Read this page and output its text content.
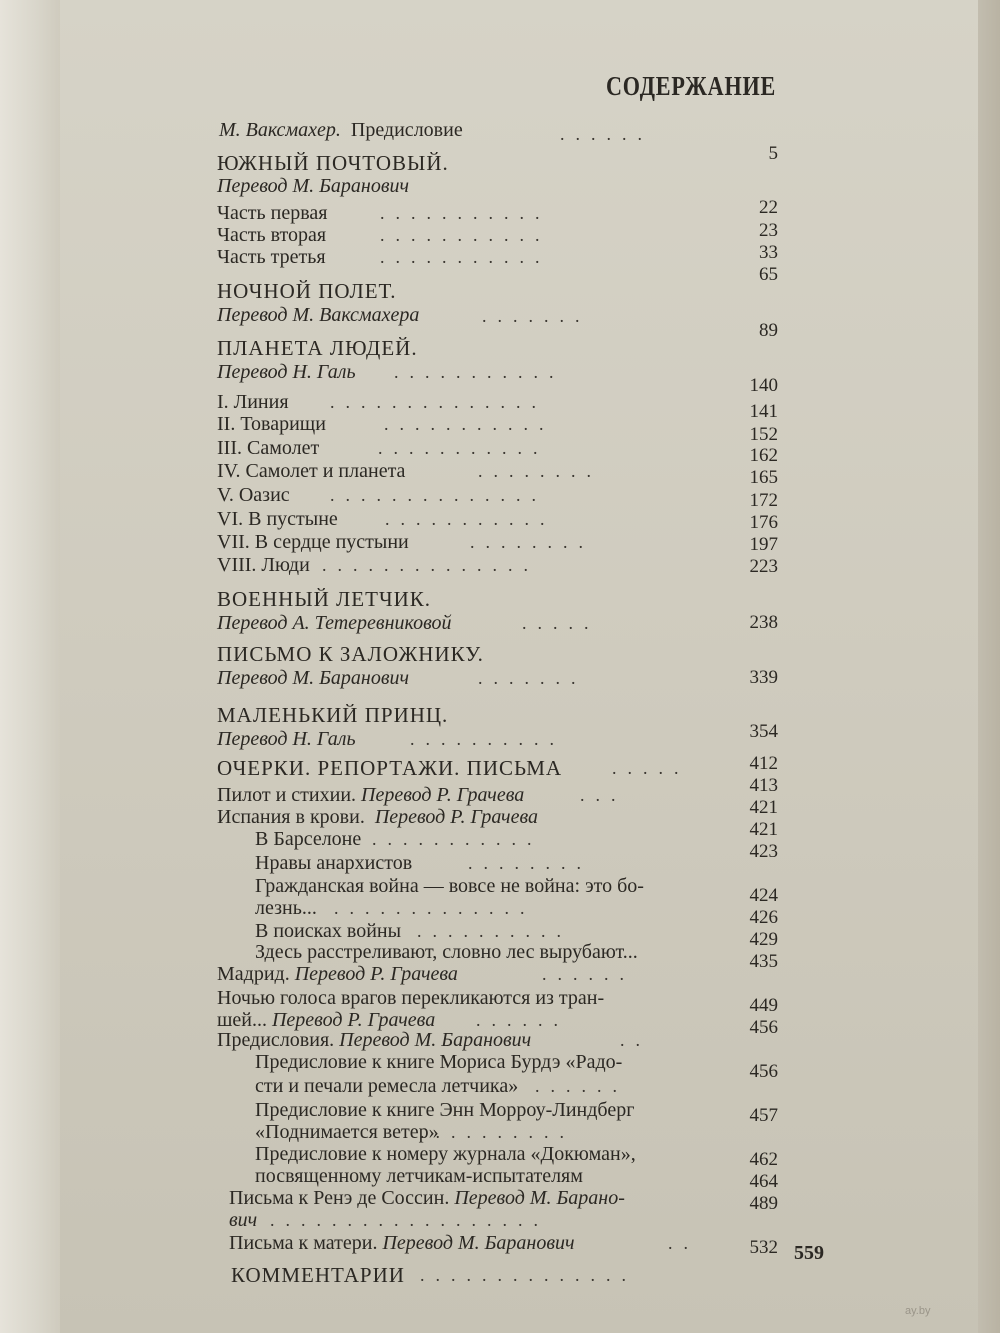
СОДЕРЖАНИЕ
М. Ваксмахер. Предисловие
ЮЖНЫЙ ПОЧТОВЫЙ.
Перевод М. Баранович
Часть первая
Часть вторая
Часть третья
НОЧНОЙ ПОЛЕТ.
Перевод М. Ваксмахера
ПЛАНЕТА ЛЮДЕЙ.
Перевод Н. Галь
I. Линия
II. Товарищи
III. Самолет
IV. Самолет и планета
V. Оазис
VI. В пустыне
VII. В сердце пустыни
VIII. Люди
ВОЕННЫЙ ЛЕТЧИК.
Перевод А. Тетеревниковой
ПИСЬМО К ЗАЛОЖНИКУ.
Перевод М. Баранович
МАЛЕНЬКИЙ ПРИНЦ.
Перевод Н. Галь
ОЧЕРКИ. РЕПОРТАЖИ. ПИСЬМА
Пилот и стихии. Перевод Р. Грачева
Испания в крови. Перевод Р. Грачева
В Барселоне
Нравы анархистов
Гражданская война — вовсе не война: это бо-
лезнь...
В поисках войны
Здесь расстреливают, словно лес вырубают...
Мадрид. Перевод Р. Грачева
Ночью голоса врагов перекликаются из тран-
шей... Перевод Р. Грачева
Предисловия. Перевод М. Баранович
Предисловие к книге Мориса Бурдэ «Радо-
сти и печали ремесла летчика»
Предисловие к книге Энн Морроу-Линдберг
«Поднимается ветер»
Предисловие к номеру журнала «Докюман»,
посвященному летчикам-испытателям
Письма к Ренэ де Соссин. Перевод М. Барано-
вич
Письма к матери. Перевод М. Баранович
КОММЕНТАРИИ
......
...........
...........
...........
.......
...........
..............
...........
...........
........
..............
...........
........
..............
.....
.......
..........
.....
...
...........
........
.............
..........
......
......
..
......
..........
..................
..
..............
5
22
23
33
65
89
140
141
152
162
165
172
176
197
223
238
339
354
412
413
421
421
423
424
426
429
435
449
456
456
457
462
464
489
532 559
ay.by
